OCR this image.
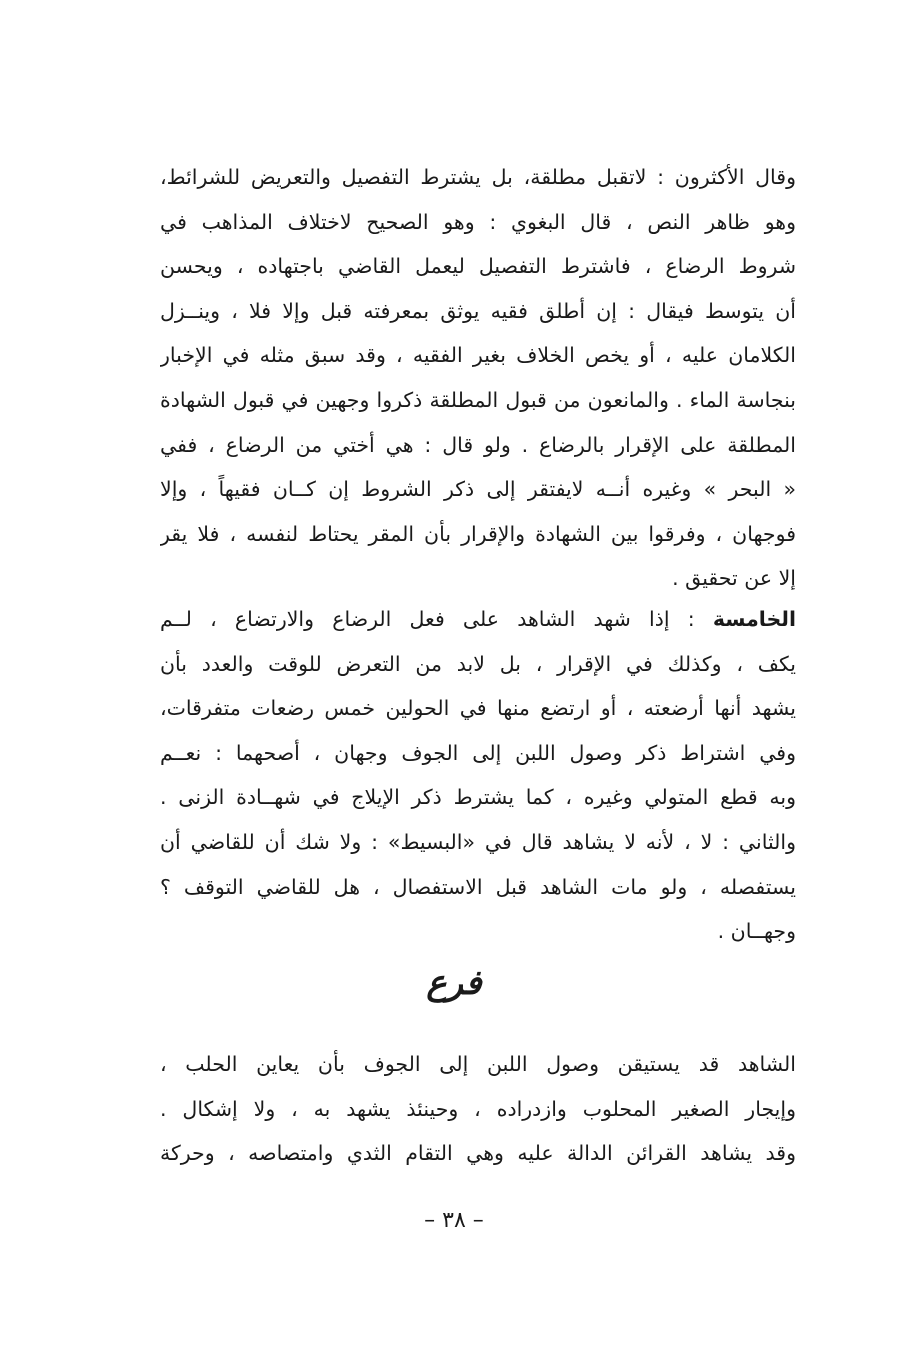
وقال الأكثرون : لاتقبل مطلقة، بل يشترط التفصيل والتعريض للشرائط،
وهو ظاهر النص ، قال البغوي : وهو الصحيح لاختلاف المذاهب في
شروط الرضاع ، فاشترط التفصيل ليعمل القاضي باجتهاده ، ويحسن
أن يتوسط فيقال : إن أطلق فقيه يوثق بمعرفته قبل وإلا فلا ، وينــزل
الكلامان عليه ، أو يخص الخلاف بغير الفقيه ، وقد سبق مثله في الإخبار
بنجاسة الماء . والمانعون من قبول المطلقة ذكروا وجهين في قبول الشهادة
المطلقة على الإقرار بالرضاع . ولو قال : هي أختي من الرضاع ، ففي
« البحر » وغيره أنــه لايفتقر إلى ذكر الشروط إن كــان فقيهاً ، وإلا
فوجهان ، وفرقوا بين الشهادة والإقرار بأن المقر يحتاط لنفسه ، فلا يقر
إلا عن تحقيق .
الخامسة : إذا شهد الشاهد على فعل الرضاع والارتضاع ، لــم
يكف ، وكذلك في الإقرار ، بل لابد من التعرض للوقت والعدد بأن
يشهد أنها أرضعته ، أو ارتضع منها في الحولين خمس رضعات متفرقات،
وفي اشتراط ذكر وصول اللبن إلى الجوف وجهان ، أصحهما : نعــم
وبه قطع المتولي وغيره ، كما يشترط ذكر الإيلاج في شهــادة الزنى .
والثاني : لا ، لأنه لا يشاهد قال في «البسيط» : ولا شك أن للقاضي أن
يستفصله ، ولو مات الشاهد قبل الاستفصال ، هل للقاضي التوقف ؟
وجهــان .
فرع
الشاهد قد يستيقن وصول اللبن إلى الجوف بأن يعاين الحلب ،
وإيجار الصغير المحلوب وازدراده ، وحينئذ يشهد به ، ولا إشكال .
وقد يشاهد القرائن الدالة عليه وهي التقام الثدي وامتصاصه ، وحركة
– ٣٨ –
